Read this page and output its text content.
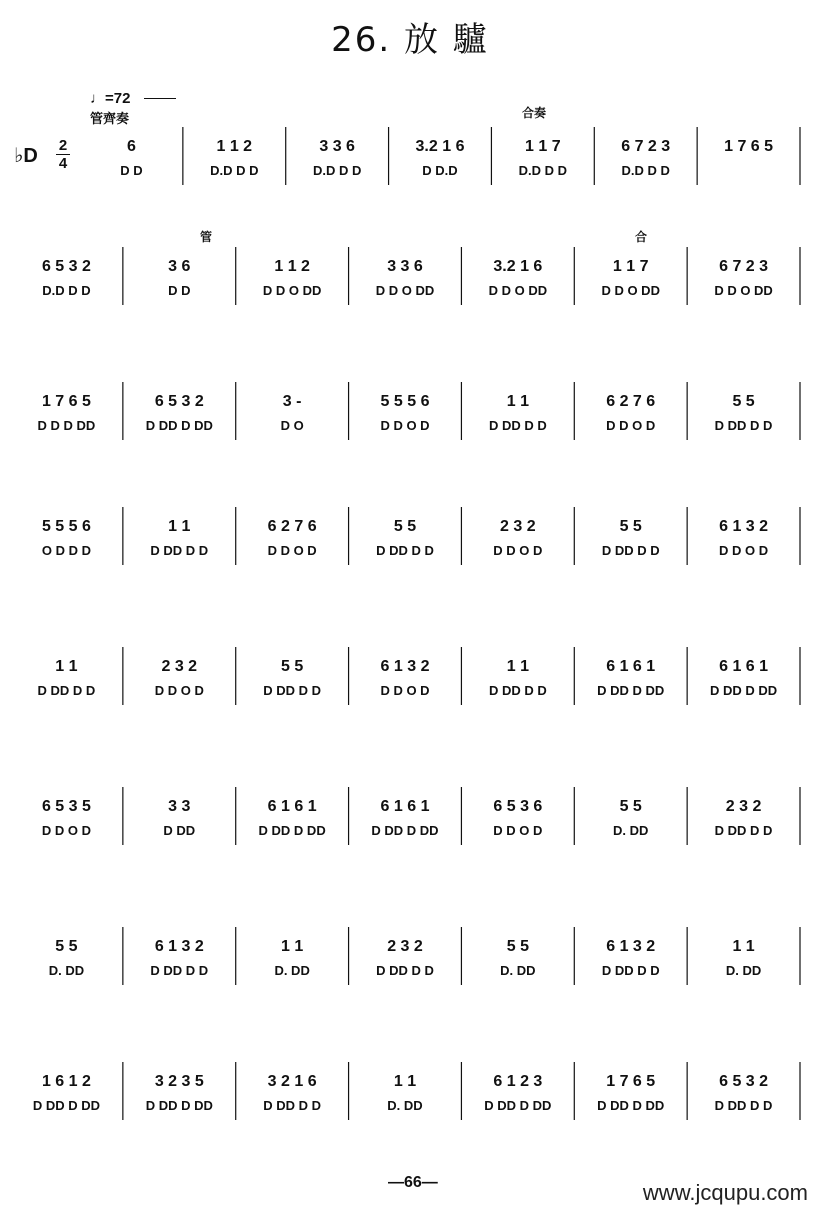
26. 放 驢
♩=72
管齊奏
♭D 2
4
合奏
管	合
6
D D
1 1 2
D.D D D
3 3 6
D.D D D
3.2 1 6
D D.D
1 1 7
D.D D D
6 7 2 3
D.D D D
1 7 6 5
6 5 3 2
D.D D D
3 6
D D
1 1 2
D D O DD
3 3 6
D D O DD
3.2 1 6
D D O DD
1 1 7
D D O DD
6 7 2 3
D D O DD
1 7 6 5
D D D DD
6 5 3 2
D DD D DD
3 -
D O
5 5 5 6
D D O D
1 1
D DD D D
6 2 7 6
D D O D
5 5
D DD D D
5 5 5 6
O D D D
1 1
D DD D D
6 2 7 6
D D O D
5 5
D DD D D
2 3 2
D D O D
5 5
D DD D D
6 1 3 2
D D O D
1 1
D DD D D
2 3 2
D D O D
5 5
D DD D D
6 1 3 2
D D O D
1 1
D DD D D
6 1 6 1
D DD D DD
6 1 6 1
D DD D DD
6 5 3 5
D D O D
3 3
D DD
6 1 6 1
D DD D DD
6 1 6 1
D DD D DD
6 5 3 6
D D O D
5 5
D. DD
2 3 2
D DD D D
5 5
D. DD
6 1 3 2
D DD D D
1 1
D. DD
2 3 2
D DD D D
5 5
D. DD
6 1 3 2
D DD D D
1 1
D. DD
1 6 1 2
D DD D DD
3 2 3 5
D DD D DD
3 2 1 6
D DD D D
1 1
D. DD
6 1 2 3
D DD D DD
1 7 6 5
D DD D DD
6 5 3 2
D DD D D
—66—	www.jcqupu.com
